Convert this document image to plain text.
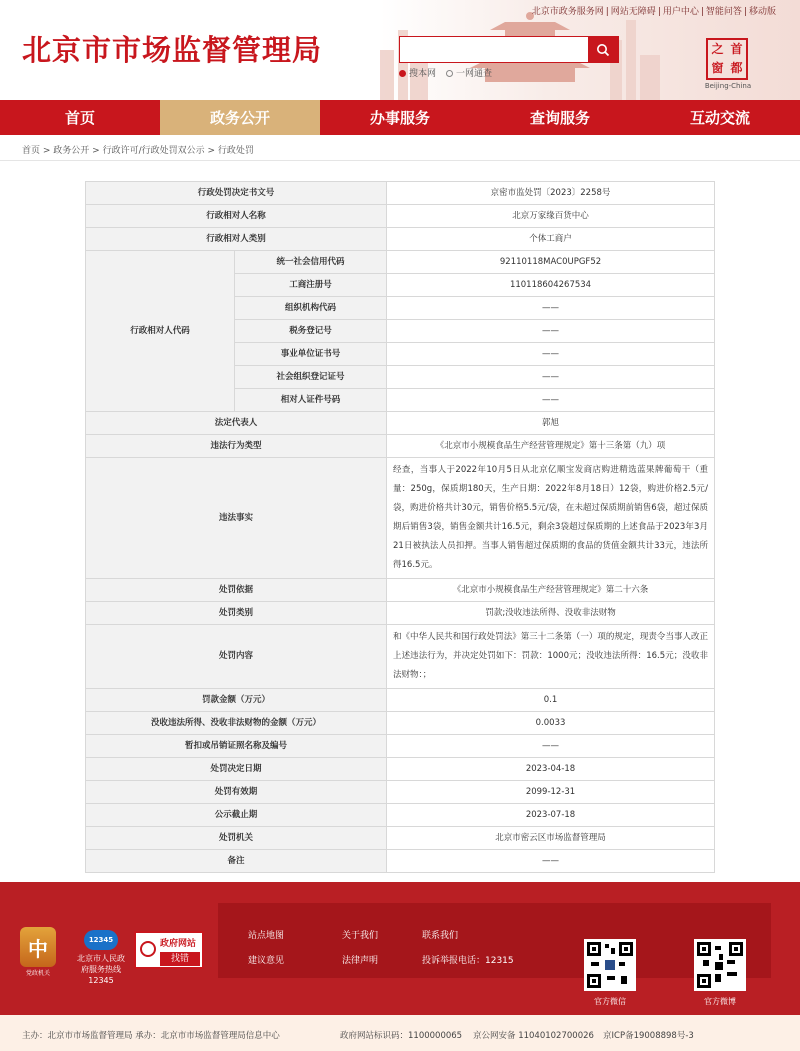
北京市政务服务网 | 网站无障碍 | 用户中心 | 智能问答 | 移动版
北京市市场监督管理局
搜本网	一网通查
之 首
窗 都
Beijing-China
首页	政务公开	办事服务	查询服务	互动交流
首页 > 政务公开 > 行政许可/行政处罚双公示 > 行政处罚
行政处罚决定书文号		京密市监处罚〔2023〕2258号
行政相对人名称		北京万家缘百货中心
行政相对人类别		个体工商户
行政相对人代码	统一社会信用代码	92110118MAC0UPGF52
	工商注册号	110118604267534
	组织机构代码	——
	税务登记号	——
	事业单位证书号	——
	社会组织登记证号	——
	相对人证件号码	——
法定代表人		郭旭
违法行为类型		《北京市小规模食品生产经营管理规定》第十三条第（九）项
违法事实		经查，当事人于2022年10月5日从北京亿顺宝发商店购进精选蓝果牌葡萄干（重量：250g，保质期180天，生产日期：2022年8月18日）12袋，购进价格2.5元/袋，购进价格共计30元，销售价格5.5元/袋，在未超过保质期前销售6袋，超过保质期后销售3袋，销售金额共计16.5元，剩余3袋超过保质期的上述食品于2023年3月21日被执法人员扣押。当事人销售超过保质期的食品的货值金额共计33元，违法所得16.5元。
处罚依据		《北京市小规模食品生产经营管理规定》第二十六条
处罚类别		罚款;没收违法所得、没收非法财物
处罚内容		和《中华人民共和国行政处罚法》第三十二条第（一）项的规定，现责令当事人改正上述违法行为，并决定处罚如下：罚款：1000元；没收违法所得：16.5元；没收非法财物：；
罚款金额（万元）		0.1
没收违法所得、没收非法财物的金额（万元）		0.0033
暂扣或吊销证照名称及编号		——
处罚决定日期		2023-04-18
处罚有效期		2099-12-31
公示截止期		2023-07-18
处罚机关		北京市密云区市场监督管理局
备注		——
中
党政机关
12345
北京市人民政府服务热线12345
政府网站
找错
站点地图	关于我们	联系我们
建议意见	法律声明	投诉举报电话：12315
官方微信	官方微博
主办：北京市市场监督管理局 承办：北京市市场监督管理局信息中心	政府网站标识码：1100000065 京公网安备 11040102700026 京ICP备19008898号-3
